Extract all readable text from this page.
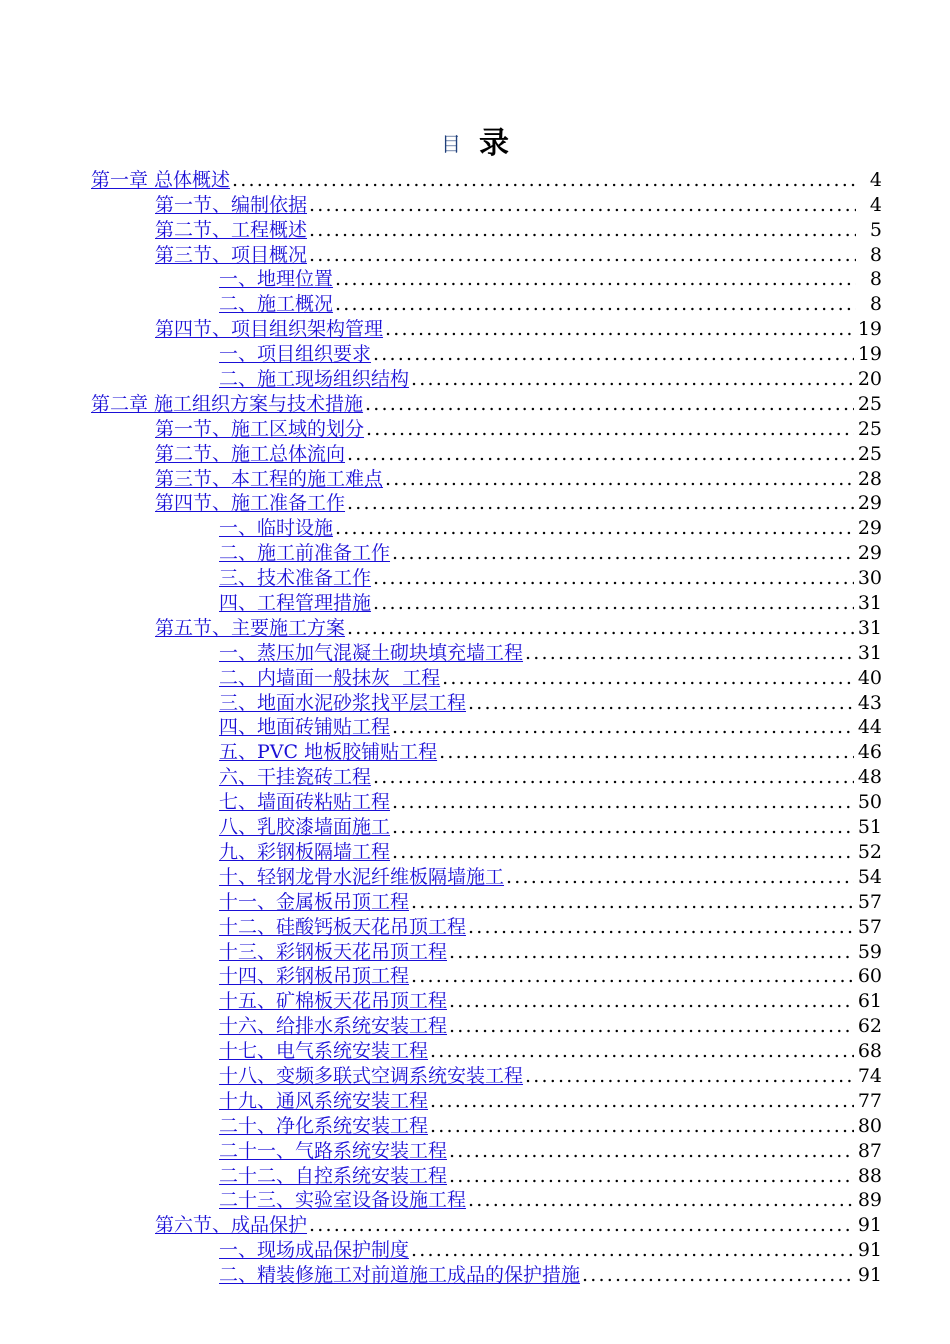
目 录
第一章 总体概述 .....	4
第一节、编制依据 .....	4
第二节、工程概述 .....	5
第三节、项目概况 .....	8
一、地理位置 .....	8
二、施工概况 .....	8
第四节、项目组织架构管理 .....	19
一、项目组织要求 .....	19
二、施工现场组织结构 .....	20
第二章 施工组织方案与技术措施 .....	25
第一节、施工区域的划分 .....	25
第二节、施工总体流向 .....	25
第三节、本工程的施工难点 .....	28
第四节、施工准备工作 .....	29
一、临时设施 .....	29
二、施工前准备工作 .....	29
三、技术准备工作 .....	30
四、工程管理措施 .....	31
第五节、主要施工方案 .....	31
一、蒸压加气混凝土砌块填充墙工程 .....	31
二、内墙面一般抹灰  工程 .....	40
三、地面水泥砂浆找平层工程 .....	43
四、地面砖铺贴工程 .....	44
五、PVC 地板胶铺贴工程 .....	46
六、干挂瓷砖工程 .....	48
七、墙面砖粘贴工程 .....	50
八、乳胶漆墙面施工 .....	51
九、彩钢板隔墙工程 .....	52
十、轻钢龙骨水泥纤维板隔墙施工 .....	54
十一、金属板吊顶工程 .....	57
十二、硅酸钙板天花吊顶工程 .....	57
十三、彩钢板天花吊顶工程 .....	59
十四、彩钢板吊顶工程 .....	60
十五、矿棉板天花吊顶工程 .....	61
十六、给排水系统安装工程 .....	62
十七、电气系统安装工程 .....	68
十八、变频多联式空调系统安装工程 .....	74
十九、通风系统安装工程 .....	77
二十、净化系统安装工程 .....	80
二十一、气路系统安装工程 .....	87
二十二、自控系统安装工程 .....	88
二十三、实验室设备设施工程 .....	89
第六节、成品保护 .....	91
一、现场成品保护制度 .....	91
二、精装修施工对前道施工成品的保护措施 .....	91
